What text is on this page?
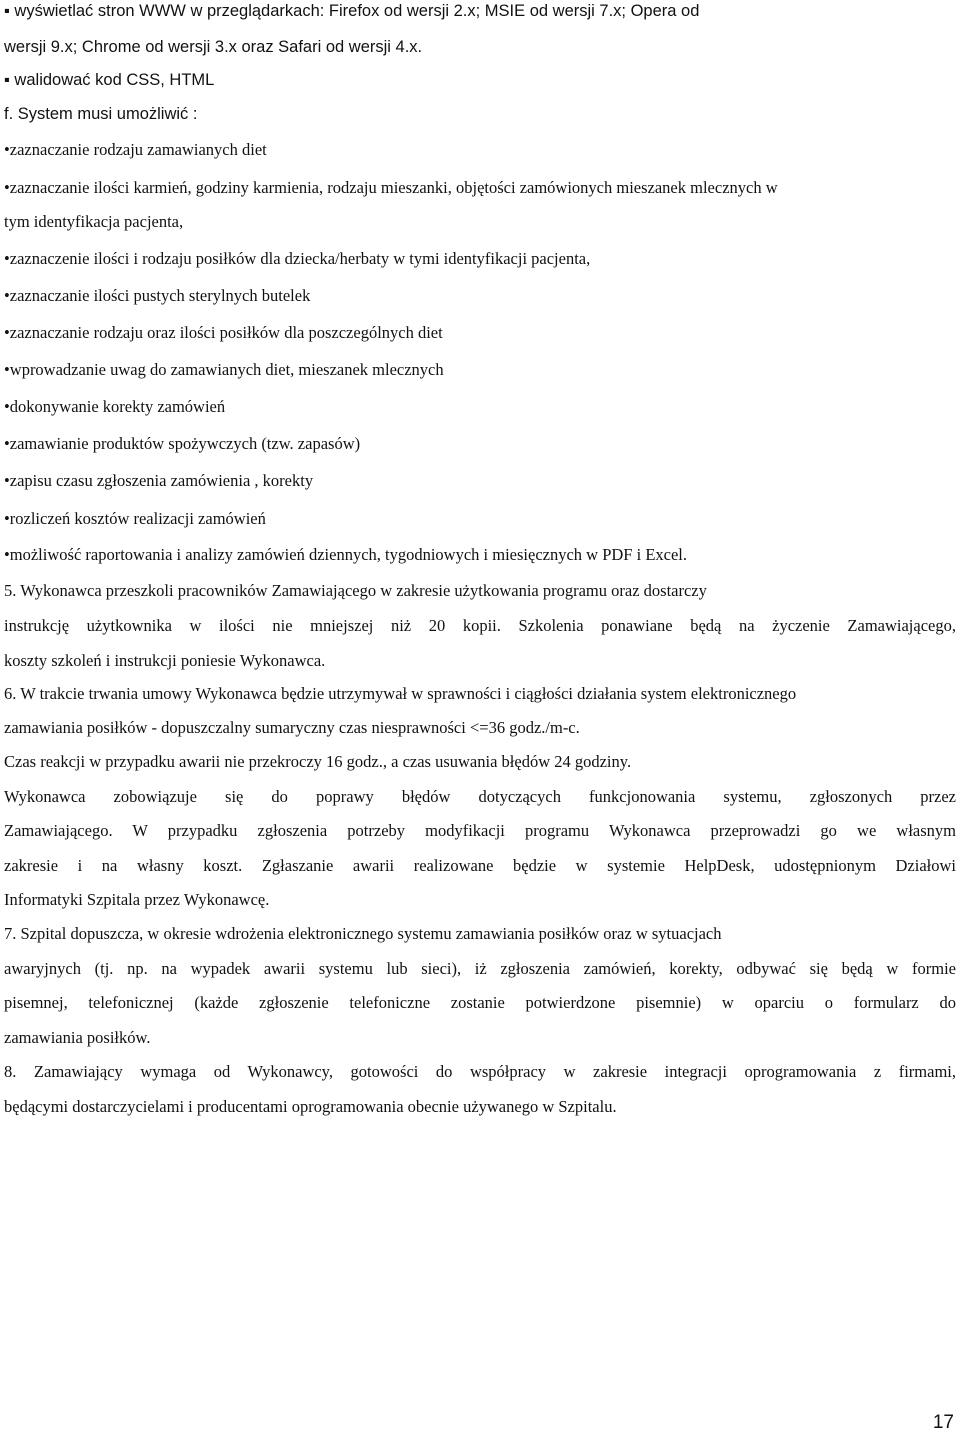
▪ wyświetlać stron WWW w przeglądarkach: Firefox od wersji 2.x; MSIE od wersji 7.x; Opera od
wersji 9.x; Chrome od wersji 3.x oraz Safari od wersji 4.x.
▪ walidować kod CSS, HTML
f. System musi umożliwić :
•zaznaczanie rodzaju zamawianych diet
•zaznaczanie ilości karmień, godziny karmienia, rodzaju mieszanki, objętości zamówionych mieszanek mlecznych w
tym identyfikacja pacjenta,
•zaznaczenie ilości i rodzaju posiłków dla dziecka/herbaty w tymi identyfikacji pacjenta,
•zaznaczanie ilości pustych sterylnych butelek
•zaznaczanie rodzaju oraz ilości posiłków dla poszczególnych diet
•wprowadzanie uwag do zamawianych diet, mieszanek mlecznych
•dokonywanie korekty zamówień
•zamawianie produktów spożywczych (tzw. zapasów)
•zapisu czasu zgłoszenia zamówienia , korekty
•rozliczeń kosztów realizacji zamówień
•możliwość raportowania i analizy zamówień dziennych, tygodniowych i miesięcznych w PDF i Excel.
5. Wykonawca przeszkoli pracowników Zamawiającego w zakresie użytkowania programu oraz dostarczy
instrukcję użytkownika w ilości nie mniejszej niż 20 kopii. Szkolenia ponawiane będą na życzenie Zamawiającego,
koszty szkoleń i instrukcji poniesie Wykonawca.
6. W trakcie trwania umowy Wykonawca będzie utrzymywał w sprawności i ciągłości działania system elektronicznego
zamawiania posiłków - dopuszczalny sumaryczny czas niesprawności <=36 godz./m-c.
Czas reakcji w przypadku awarii nie przekroczy 16 godz., a czas usuwania błędów 24 godziny.
Wykonawca zobowiązuje się do poprawy błędów dotyczących funkcjonowania systemu, zgłoszonych przez
Zamawiającego. W przypadku zgłoszenia potrzeby modyfikacji programu Wykonawca przeprowadzi go we własnym
zakresie i na własny koszt. Zgłaszanie awarii realizowane będzie w systemie HelpDesk, udostępnionym Działowi
Informatyki Szpitala przez Wykonawcę.
7. Szpital dopuszcza, w okresie wdrożenia elektronicznego systemu zamawiania posiłków oraz w sytuacjach
awaryjnych (tj. np. na wypadek awarii systemu lub sieci), iż zgłoszenia zamówień, korekty, odbywać się będą w formie
pisemnej, telefonicznej (każde zgłoszenie telefoniczne zostanie potwierdzone pisemnie) w oparciu o formularz do
zamawiania posiłków.
8. Zamawiający wymaga od Wykonawcy, gotowości do współpracy w zakresie integracji oprogramowania z firmami,
będącymi dostarczycielami i producentami oprogramowania obecnie używanego w Szpitalu.
17
